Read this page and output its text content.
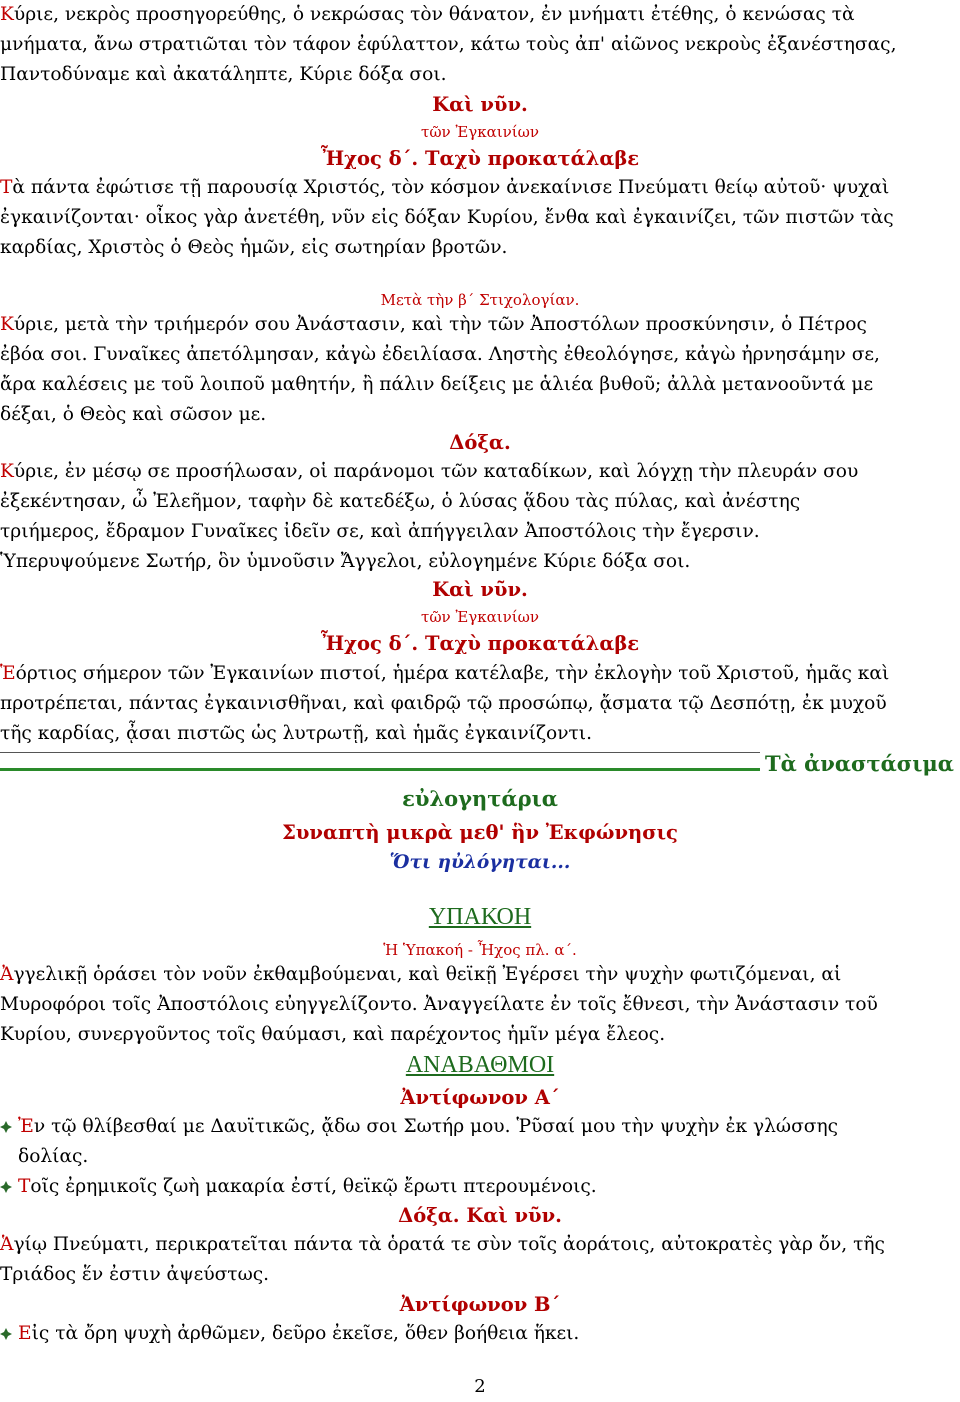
Κύριε, νεκρὸς προσηγορεύθης, ὁ νεκρώσας τὸν θάνατον, ἐν μνήματι ἐτέθης, ὁ κενώσας τὰ
μνήματα, ἄνω στρατιῶται τὸν τάφον ἐφύλαττον, κάτω τοὺς ἀπ' αἰῶνος νεκροὺς ἐξανέστησας,
Παντοδύναμε καὶ ἀκατάληπτε, Κύριε δόξα σοι.
Καὶ νῦν.
τῶν Ἐγκαινίων
Ἦχος δ΄. Ταχὺ προκατάλαβε
Τὰ πάντα ἐφώτισε τῇ παρουσίᾳ Χριστός, τὸν κόσμον ἀνεκαίνισε Πνεύματι θείῳ αὐτοῦ· ψυχαὶ
ἐγκαινίζονται· οἶκος γὰρ ἀνετέθη, νῦν εἰς δόξαν Κυρίου, ἔνθα καὶ ἐγκαινίζει, τῶν πιστῶν τὰς
καρδίας, Χριστὸς ὁ Θεὸς ἡμῶν, εἰς σωτηρίαν βροτῶν.
Μετὰ τὴν β΄ Στιχολογίαν.
Κύριε, μετὰ τὴν τριήμερόν σου Ἀνάστασιν, καὶ τὴν τῶν Ἀποστόλων προσκύνησιν, ὁ Πέτρος
ἐβόα σοι. Γυναῖκες ἀπετόλμησαν, κἀγὼ ἐδειλίασα. Ληστὴς ἐθεολόγησε, κἀγὼ ἠρνησάμην σε,
ἄρα καλέσεις με τοῦ λοιποῦ μαθητήν, ἢ πάλιν δείξεις με ἁλιέα βυθοῦ; ἀλλὰ μετανοοῦντά με
δέξαι, ὁ Θεὸς καὶ σῶσον με.
Δόξα.
Κύριε, ἐν μέσῳ σε προσήλωσαν, οἱ παράνομοι τῶν καταδίκων, καὶ λόγχῃ τὴν πλευράν σου
ἐξεκέντησαν, ὦ Ἐλεῆμον, ταφὴν δὲ κατεδέξω, ὁ λύσας ᾅδου τὰς πύλας, καὶ ἀνέστης
τριήμερος, ἔδραμον Γυναῖκες ἰδεῖν σε, καὶ ἀπήγγειλαν Ἀποστόλοις τὴν ἔγερσιν.
Ὑπερυψούμενε Σωτήρ, ὃν ὑμνοῦσιν Ἄγγελοι, εὐλογημένε Κύριε δόξα σοι.
Καὶ νῦν.
τῶν Ἐγκαινίων
Ἦχος δ΄. Ταχὺ προκατάλαβε
Ἑόρτιος σήμερον τῶν Ἐγκαινίων πιστοί, ἡμέρα κατέλαβε, τὴν ἐκλογὴν τοῦ Χριστοῦ, ἡμᾶς καὶ
προτρέπεται, πάντας ἐγκαινισθῆναι, καὶ φαιδρῷ τῷ προσώπῳ, ᾄσματα τῷ Δεσπότῃ, ἐκ μυχοῦ
τῆς καρδίας, ᾆσαι πιστῶς ὡς λυτρωτῇ, καὶ ἡμᾶς ἐγκαινίζοντι.
Τὰ ἀναστάσιμα
εὐλογητάρια
Συναπτὴ μικρὰ μεθ' ἣν Ἐκφώνησις
Ὅτι ηὐλόγηται...
ΥΠΑΚΟΗ
Ἡ Ὑπακοή - Ἦχος πλ. α΄.
Ἀγγελικῇ ὁράσει τὸν νοῦν ἐκθαμβούμεναι, καὶ θεϊκῇ Ἐγέρσει τὴν ψυχὴν φωτιζόμεναι, αἱ
Μυροφόροι τοῖς Ἀποστόλοις εὐηγγελίζοντο. Ἀναγγείλατε ἐν τοῖς ἔθνεσι, τὴν Ἀνάστασιν τοῦ
Κυρίου, συνεργοῦντος τοῖς θαύμασι, καὶ παρέχοντος ἡμῖν μέγα ἔλεος.
ΑΝΑΒΑΘΜΟΙ
Ἀντίφωνον Α΄
Ἐν τῷ θλίβεσθαί με Δαυϊτικῶς, ᾄδω σοι Σωτήρ μου. Ῥῦσαί μου τὴν ψυχὴν ἐκ γλώσσης
δολίας.
Τοῖς ἐρημικοῖς ζωὴ μακαρία ἐστί, θεϊκῷ ἔρωτι πτερουμένοις.
Δόξα. Καὶ νῦν.
Ἁγίῳ Πνεύματι, περικρατεῖται πάντα τὰ ὁρατά τε σὺν τοῖς ἀοράτοις, αὐτοκρατὲς γὰρ ὄν, τῆς
Τριάδος ἕν ἐστιν ἀψεύστως.
Ἀντίφωνον Β΄
Εἰς τὰ ὄρη ψυχὴ ἀρθῶμεν, δεῦρο ἐκεῖσε, ὅθεν βοήθεια ἥκει.
2
